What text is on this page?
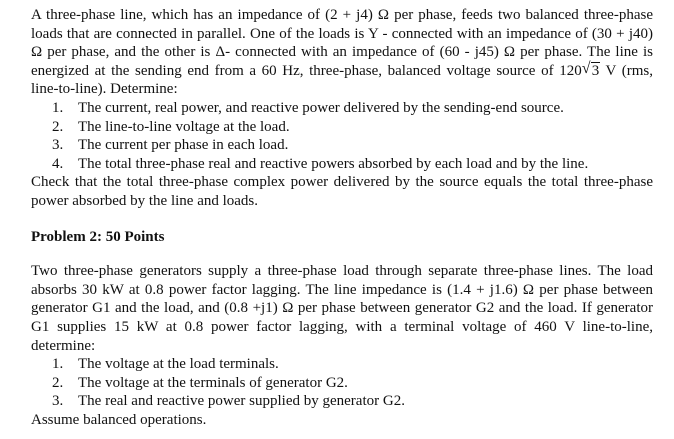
A three-phase line, which has an impedance of (2 + j4) Ω per phase, feeds two balanced three-phase loads that are connected in parallel. One of the loads is Y - connected with an impedance of (30 + j40) Ω per phase, and the other is Δ- connected with an impedance of (60 - j45) Ω per phase. The line is energized at the sending end from a 60 Hz, three-phase, balanced voltage source of 120 √ 3 V (rms, line-to-line). Determine:

1. The current, real power, and reactive power delivered by the sending-end source.
2. The line-to-line voltage at the load.
3. The current per phase in each load.
4. The total three-phase real and reactive powers absorbed by each load and by the line.

Check that the total three-phase complex power delivered by the source equals the total three-phase power absorbed by the line and loads.

Problem 2: 50 Points

Two three-phase generators supply a three-phase load through separate three-phase lines. The load absorbs 30 kW at 0.8 power factor lagging. The line impedance is (1.4 + j1.6) Ω per phase between generator G1 and the load, and (0.8 +j1) Ω per phase between generator G2 and the load. If generator G1 supplies 15 kW at 0.8 power factor lagging, with a terminal voltage of 460 V line-to-line, determine:

1. The voltage at the load terminals.
2. The voltage at the terminals of generator G2.
3. The real and reactive power supplied by generator G2.

Assume balanced operations.
